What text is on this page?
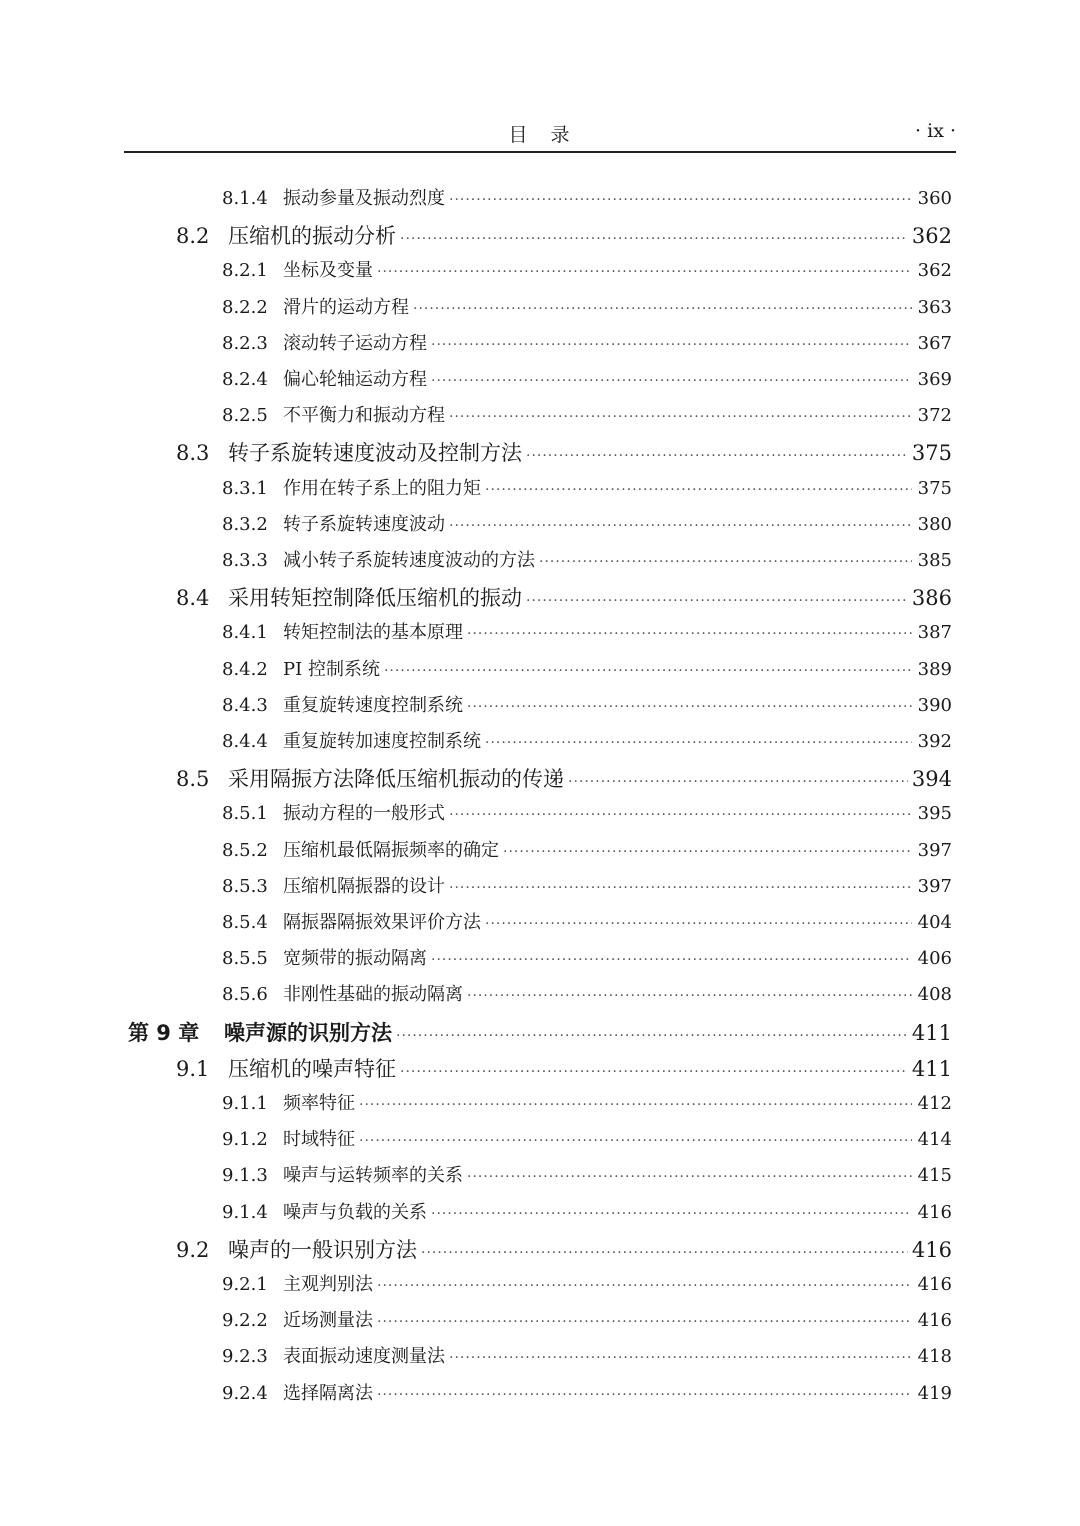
目　录	· ix ·
8.1.4 振动参量及振动烈度 ·····	360
8.2 压缩机的振动分析 ·····	362
8.2.1 坐标及变量 ·····	362
8.2.2 滑片的运动方程 ·····	363
8.2.3 滚动转子运动方程 ·····	367
8.2.4 偏心轮轴运动方程 ·····	369
8.2.5 不平衡力和振动方程 ·····	372
8.3 转子系旋转速度波动及控制方法 ·····	375
8.3.1 作用在转子系上的阻力矩 ·····	375
8.3.2 转子系旋转速度波动 ·····	380
8.3.3 减小转子系旋转速度波动的方法 ·····	385
8.4 采用转矩控制降低压缩机的振动 ·····	386
8.4.1 转矩控制法的基本原理 ·····	387
8.4.2 PI 控制系统 ·····	389
8.4.3 重复旋转速度控制系统 ·····	390
8.4.4 重复旋转加速度控制系统 ·····	392
8.5 采用隔振方法降低压缩机振动的传递 ·····	394
8.5.1 振动方程的一般形式 ·····	395
8.5.2 压缩机最低隔振频率的确定 ·····	397
8.5.3 压缩机隔振器的设计 ·····	397
8.5.4 隔振器隔振效果评价方法 ·····	404
8.5.5 宽频带的振动隔离 ·····	406
8.5.6 非刚性基础的振动隔离 ·····	408
第 9 章	噪声源的识别方法 ·····	411
9.1 压缩机的噪声特征 ·····	411
9.1.1 频率特征 ·····	412
9.1.2 时域特征 ·····	414
9.1.3 噪声与运转频率的关系 ·····	415
9.1.4 噪声与负载的关系 ·····	416
9.2 噪声的一般识别方法 ·····	416
9.2.1 主观判别法 ·····	416
9.2.2 近场测量法 ·····	416
9.2.3 表面振动速度测量法 ·····	418
9.2.4 选择隔离法 ·····	419
